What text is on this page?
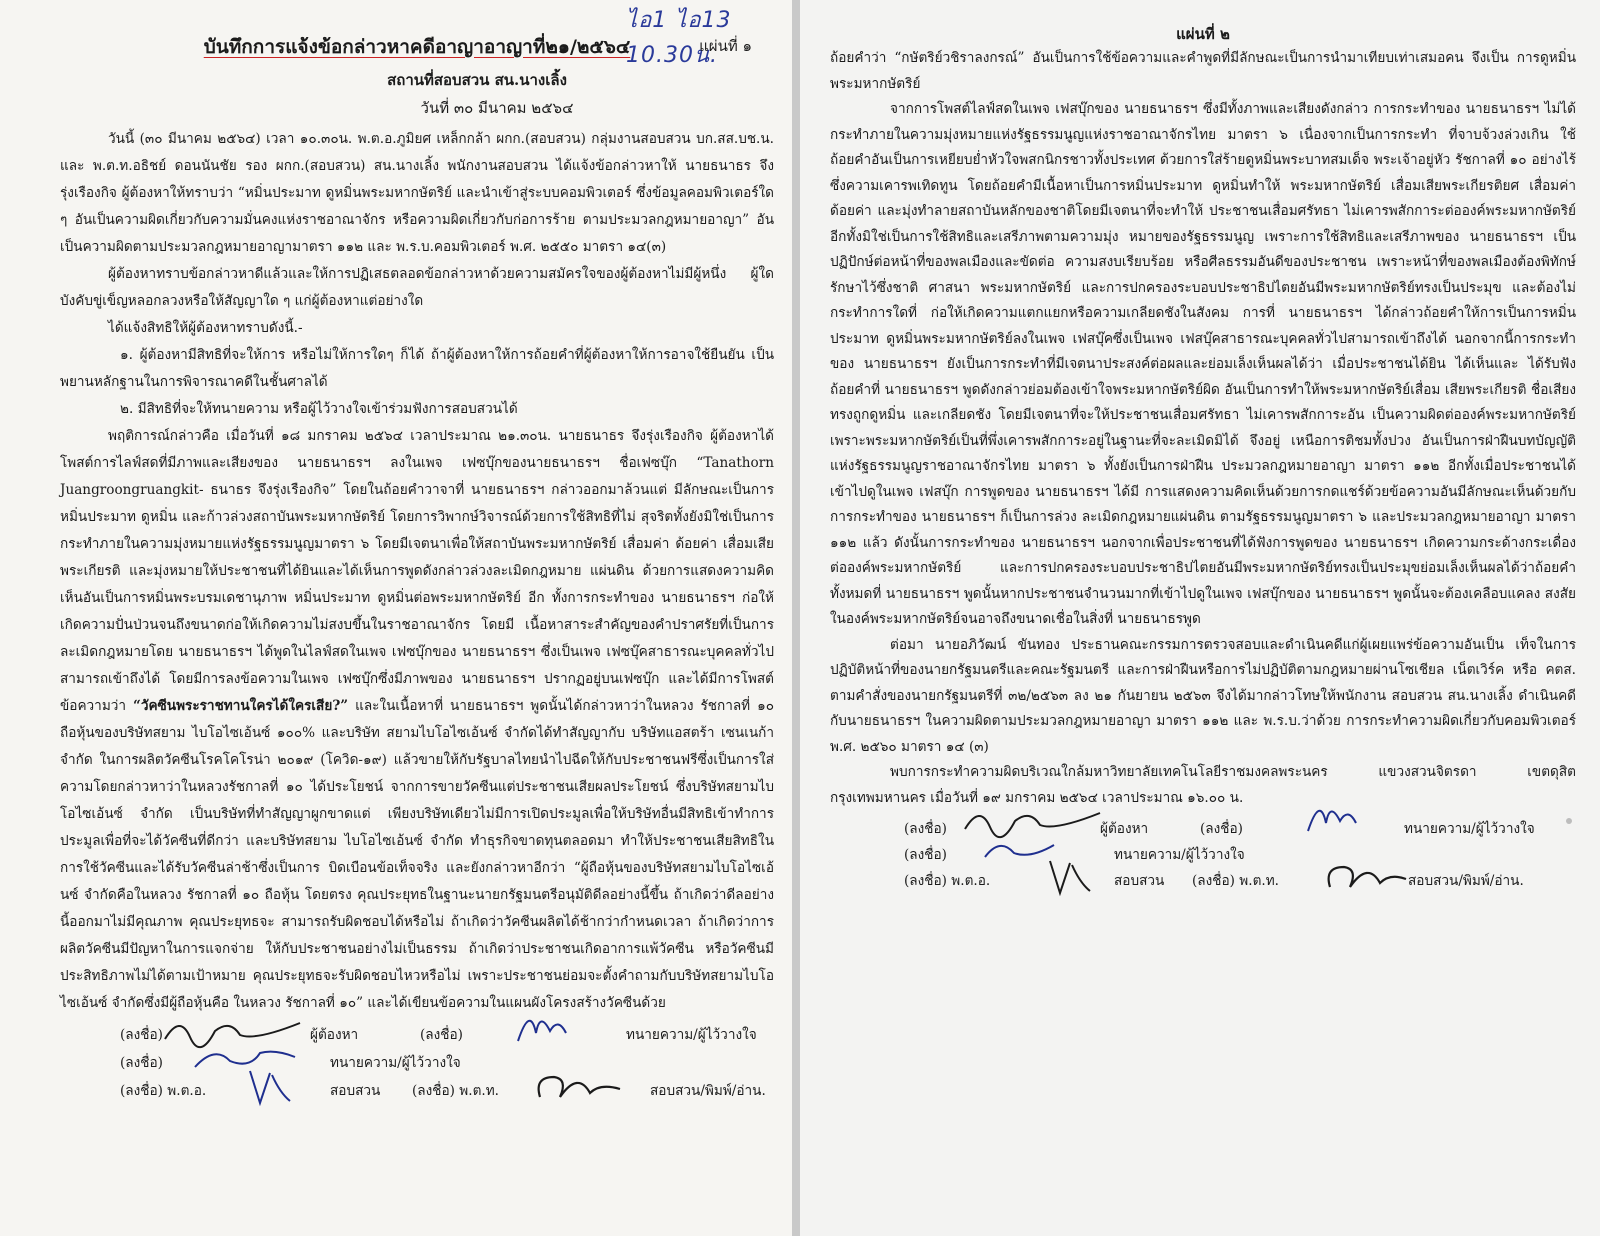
ไอ1 ไอ13 10.30น.
บันทึกการแจ้งข้อกล่าวหาคดีอาญาอาญาที่๒๑/๒๕๖๔	แผ่นที่ ๑
สถานที่สอบสวน สน.นางเลิ้ง
วันที่ ๓๐ มีนาคม ๒๕๖๔

วันนี้ (๓๐ มีนาคม ๒๕๖๔) เวลา ๑๐.๓๐น. พ.ต.อ.ภูมิยศ เหล็กกล้า ผกก.(สอบสวน) กลุ่มงานสอบสวน บก.สส.บช.น. และ พ.ต.ท.อธิชย์ ดอนนันชัย รอง ผกก.(สอบสวน) สน.นางเลิ้ง พนักงานสอบสวน ได้แจ้งข้อกล่าวหาให้ นายธนาธร จึงรุ่งเรืองกิจ ผู้ต้องหาให้ทราบว่า “หมิ่นประมาท ดูหมิ่นพระมหากษัตริย์ และนำเข้าสู่ระบบคอมพิวเตอร์ ซึ่งข้อมูลคอมพิวเตอร์ใด ๆ อันเป็นความผิดเกี่ยวกับความมั่นคงแห่งราชอาณาจักร หรือความผิดเกี่ยวกับก่อการร้าย ตามประมวลกฎหมายอาญา” อันเป็นความผิดตามประมวลกฎหมายอาญามาตรา ๑๑๒ และ พ.ร.บ.คอมพิวเตอร์ พ.ศ. ๒๕๕๐ มาตรา ๑๔(๓)

ผู้ต้องหาทราบข้อกล่าวหาดีแล้วและให้การปฏิเสธตลอดข้อกล่าวหาด้วยความสมัครใจของผู้ต้องหาไม่มีผู้หนึ่ง ผู้ใดบังคับขู่เข็ญหลอกลวงหรือให้สัญญาใด ๆ แก่ผู้ต้องหาแต่อย่างใด

ได้แจ้งสิทธิให้ผู้ต้องหาทราบดังนี้.-

๑. ผู้ต้องหามีสิทธิที่จะให้การ หรือไม่ให้การใดๆ ก็ได้ ถ้าผู้ต้องหาให้การถ้อยคำที่ผู้ต้องหาให้การอาจใช้ยืนยัน เป็นพยานหลักฐานในการพิจารณาคดีในชั้นศาลได้

๒. มีสิทธิที่จะให้ทนายความ หรือผู้ไว้วางใจเข้าร่วมฟังการสอบสวนได้

พฤติการณ์กล่าวคือ เมื่อวันที่ ๑๘ มกราคม ๒๕๖๔ เวลาประมาณ ๒๑.๓๐น. นายธนาธร จึงรุ่งเรืองกิจ ผู้ต้องหาได้โพสต์การไลฟ์สดที่มีภาพและเสียงของ นายธนาธรฯ ลงในเพจ เฟซบุ๊กของนายธนาธรฯ ชื่อเฟซบุ๊ก “Tanathorn Juangroongruangkit- ธนาธร จึงรุ่งเรืองกิจ” โดยในถ้อยคำวาจาที่ นายธนาธรฯ กล่าวออกมาล้วนแต่ มีลักษณะเป็นการหมิ่นประมาท ดูหมิ่น และก้าวล่วงสถาบันพระมหากษัตริย์ โดยการวิพากษ์วิจารณ์ด้วยการใช้สิทธิที่ไม่ สุจริตทั้งยังมิใช่เป็นการกระทำภายในความมุ่งหมายแห่งรัฐธรรมนูญมาตรา ๖ โดยมีเจตนาเพื่อให้สถาบันพระมหากษัตริย์ เสื่อมค่า ด้อยค่า เสื่อมเสียพระเกียรติ และมุ่งหมายให้ประชาชนที่ได้ยินและได้เห็นการพูดดังกล่าวล่วงละเมิดกฎหมาย แผ่นดิน ด้วยการแสดงความคิดเห็นอันเป็นการหมิ่นพระบรมเดชานุภาพ หมิ่นประมาท ดูหมิ่นต่อพระมหากษัตริย์ อีก ทั้งการกระทำของ นายธนาธรฯ ก่อให้เกิดความปั่นป่วนจนถึงขนาดก่อให้เกิดความไม่สงบขึ้นในราชอาณาจักร โดยมี เนื้อหาสาระสำคัญของคำปราศรัยที่เป็นการละเมิดกฎหมายโดย นายธนาธรฯ ได้พูดในไลฟ์สดในเพจ เฟซบุ๊กของ นายธนาธรฯ ซึ่งเป็นเพจ เฟซบุ๊คสาธารณะบุคคลทั่วไปสามารถเข้าถึงได้ โดยมีการลงข้อความในเพจ เฟซบุ๊กซึ่งมีภาพของ นายธนาธรฯ ปรากฏอยู่บนเฟซบุ๊ก และได้มีการโพสต์ข้อความว่า “วัคซีนพระราชทานใครได้ใครเสีย?” และในเนื้อหาที่ นายธนาธรฯ พูดนั้นได้กล่าวหาว่าในหลวง รัชกาลที่ ๑๐ ถือหุ้นของบริษัทสยาม ไบโอไซเอ้นซ์ ๑๐๐% และบริษัท สยามไบโอไซเอ้นซ์ จำกัดได้ทำสัญญากับ บริษัทแอสตร้า เซนเนก้า จำกัด ในการผลิตวัคซีนโรคโคโรน่า ๒๐๑๙ (โควิด-๑๙) แล้วขายให้กับรัฐบาลไทยนำไปฉีดให้กับประชาชนฟรีซึ่งเป็นการใส่ความโดยกล่าวหาว่าในหลวงรัชกาลที่ ๑๐ ได้ประโยชน์ จากการขายวัคซีนแต่ประชาชนเสียผลประโยชน์ ซึ่งบริษัทสยามไบโอไซเอ้นซ์ จำกัด เป็นบริษัทที่ทำสัญญาผูกขาดแต่ เพียงบริษัทเดียวไม่มีการเปิดประมูลเพื่อให้บริษัทอื่นมีสิทธิเข้าทำการประมูลเพื่อที่จะได้วัคซีนที่ดีกว่า และบริษัทสยาม ไบโอไซเอ้นซ์ จำกัด ทำธุรกิจขาดทุนตลอดมา ทำให้ประชาชนเสียสิทธิในการใช้วัคซีนและได้รับวัคซีนล่าช้าซึ่งเป็นการ บิดเบือนข้อเท็จจริง และยังกล่าวหาอีกว่า “ผู้ถือหุ้นของบริษัทสยามไบโอไซเอ้นซ์ จำกัดคือในหลวง รัชกาลที่ ๑๐ ถือหุ้น โดยตรง คุณประยุทธในฐานะนายกรัฐมนตรีอนุมัติดีลอย่างนี้ขึ้น ถ้าเกิดว่าดีลอย่างนี้ออกมาไม่มีคุณภาพ คุณประยุทธจะ สามารถรับผิดชอบได้หรือไม่ ถ้าเกิดว่าวัคซีนผลิตได้ช้ากว่ากำหนดเวลา ถ้าเกิดว่าการผลิตวัคซีนมีปัญหาในการแจกจ่าย ให้กับประชาชนอย่างไม่เป็นธรรม ถ้าเกิดว่าประชาชนเกิดอาการแพ้วัคซีน หรือวัคซีนมีประสิทธิภาพไม่ได้ตามเป้าหมาย คุณประยุทธจะรับผิดชอบไหวหรือไม่ เพราะประชาชนย่อมจะตั้งคำถามกับบริษัทสยามไบโอไซเอ้นซ์ จำกัดซึ่งมีผู้ถือหุ้นคือ ในหลวง รัชกาลที่ ๑๐” และได้เขียนข้อความในแผนผังโครงสร้างวัคซีนด้วย

(ลงชื่อ)	ผู้ต้องหา	(ลงชื่อ)	ทนายความ/ผู้ไว้วางใจ
(ลงชื่อ)	ทนายความ/ผู้ไว้วางใจ
(ลงชื่อ) พ.ต.อ.	สอบสวน (ลงชื่อ) พ.ต.ท.	สอบสวน/พิมพ์/อ่าน.
แผ่นที่ ๒

ถ้อยคำว่า “กษัตริย์วชิราลงกรณ์” อันเป็นการใช้ข้อความและคำพูดที่มีลักษณะเป็นการนำมาเทียบเท่าเสมอคน จึงเป็น การดูหมิ่นพระมหากษัตริย์

จากการโพสต์ไลฟ์สดในเพจ เฟสบุ๊กของ นายธนาธรฯ ซึ่งมีทั้งภาพและเสียงดังกล่าว การกระทำของ นายธนาธรฯ ไม่ได้กระทำภายในความมุ่งหมายแห่งรัฐธรรมนูญแห่งราชอาณาจักรไทย มาตรา ๖ เนื่องจากเป็นการกระทำ ที่จาบจ้วงล่วงเกิน ใช้ถ้อยคำอันเป็นการเหยียบย่ำหัวใจพสกนิกรชาวทั้งประเทศ ด้วยการใส่ร้ายดูหมิ่นพระบาทสมเด็จ พระเจ้าอยู่หัว รัชกาลที่ ๑๐ อย่างไร้ซึ่งความเคารพเทิดทูน โดยถ้อยคำมีเนื้อหาเป็นการหมิ่นประมาท ดูหมิ่นทำให้ พระมหากษัตริย์ เสื่อมเสียพระเกียรติยศ เสื่อมค่า ด้อยค่า และมุ่งทำลายสถาบันหลักของชาติโดยมีเจตนาที่จะทำให้ ประชาชนเสื่อมศรัทธา ไม่เคารพสักการะต่อองค์พระมหากษัตริย์ อีกทั้งมิใช่เป็นการใช้สิทธิและเสรีภาพตามความมุ่ง หมายของรัฐธรรมนูญ เพราะการใช้สิทธิและเสรีภาพของ นายธนาธรฯ เป็นปฏิปักษ์ต่อหน้าที่ของพลเมืองและขัดต่อ ความสงบเรียบร้อย หรือศีลธรรมอันดีของประชาชน เพราะหน้าที่ของพลเมืองต้องพิทักษ์รักษาไว้ซึ่งชาติ ศาสนา พระมหากษัตริย์ และการปกครองระบอบประชาธิปไตยอันมีพระมหากษัตริย์ทรงเป็นประมุข และต้องไม่กระทำการใดที่ ก่อให้เกิดความแตกแยกหรือความเกลียดชังในสังคม การที่ นายธนาธรฯ ได้กล่าวถ้อยคำให้การเป็นการหมิ่นประมาท ดูหมิ่นพระมหากษัตริย์ลงในเพจ เฟสบุ๊คซึ่งเป็นเพจ เฟสบุ๊คสาธารณะบุคคลทั่วไปสามารถเข้าถึงได้ นอกจากนี้การกระทำ ของ นายธนาธรฯ ยังเป็นการกระทำที่มีเจตนาประสงค์ต่อผลและย่อมเล็งเห็นผลได้ว่า เมื่อประชาชนได้ยิน ได้เห็นและ ได้รับฟังถ้อยคำที่ นายธนาธรฯ พูดดังกล่าวย่อมต้องเข้าใจพระมหากษัตริย์ผิด อันเป็นการทำให้พระมหากษัตริย์เสื่อม เสียพระเกียรติ ชื่อเสียง ทรงถูกดูหมิ่น และเกลียดชัง โดยมีเจตนาที่จะให้ประชาชนเสื่อมศรัทธา ไม่เคารพสักการะอัน เป็นความผิดต่อองค์พระมหากษัตริย์ เพราะพระมหากษัตริย์เป็นที่พึ่งเคารพสักการะอยู่ในฐานะที่จะละเมิดมิได้ จึงอยู่ เหนือการติชมทั้งปวง อันเป็นการฝ่าฝืนบทบัญญัติแห่งรัฐธรรมนูญราชอาณาจักรไทย มาตรา ๖ ทั้งยังเป็นการฝ่าฝืน ประมวลกฎหมายอาญา มาตรา ๑๑๒ อีกทั้งเมื่อประชาชนได้เข้าไปดูในเพจ เฟสบุ๊ก การพูดของ นายธนาธรฯ ได้มี การแสดงความคิดเห็นด้วยการกดแชร์ด้วยข้อความอันมีลักษณะเห็นด้วยกับการกระทำของ นายธนาธรฯ ก็เป็นการล่วง ละเมิดกฎหมายแผ่นดิน ตามรัฐธรรมนูญมาตรา ๖ และประมวลกฎหมายอาญา มาตรา ๑๑๒ แล้ว ดังนั้นการกระทำของ นายธนาธรฯ นอกจากเพื่อประชาชนที่ได้ฟังการพูดของ นายธนาธรฯ เกิดความกระด้างกระเดื่องต่อองค์พระมหากษัตริย์ และการปกครองระบอบประชาธิปไตยอันมีพระมหากษัตริย์ทรงเป็นประมุขย่อมเล็งเห็นผลได้ว่าถ้อยคำทั้งหมดที่ นายธนาธรฯ พูดนั้นหากประชาชนจำนวนมากที่เข้าไปดูในเพจ เฟสบุ๊กของ นายธนาธรฯ พูดนั้นจะต้องเคลือบแคลง สงสัยในองค์พระมหากษัตริย์จนอาจถึงขนาดเชื่อในสิ่งที่ นายธนาธรพูด

ต่อมา นายอภิวัฒน์ ขันทอง ประธานคณะกรรมการตรวจสอบและดำเนินคดีแก่ผู้เผยแพร่ข้อความอันเป็น เท็จในการปฏิบัติหน้าที่ของนายกรัฐมนตรีและคณะรัฐมนตรี และการฝ่าฝืนหรือการไม่ปฏิบัติตามกฎหมายผ่านโซเชียล เน็ตเวิร์ค หรือ คตส. ตามคำสั่งของนายกรัฐมนตรีที่ ๓๒/๒๕๖๓ ลง ๒๑ กันยายน ๒๕๖๓ จึงได้มากล่าวโทษให้พนักงาน สอบสวน สน.นางเลิ้ง ดำเนินคดีกับนายธนาธรฯ ในความผิดตามประมวลกฎหมายอาญา มาตรา ๑๑๒ และ พ.ร.บ.ว่าด้วย การกระทำความผิดเกี่ยวกับคอมพิวเตอร์ พ.ศ. ๒๕๖๐ มาตรา ๑๔ (๓)

พบการกระทำความผิดบริเวณใกล้มหาวิทยาลัยเทคโนโลยีราชมงคลพระนคร แขวงสวนจิตรดา เขตดุสิต กรุงเทพมหานคร เมื่อวันที่ ๑๙ มกราคม ๒๕๖๔ เวลาประมาณ ๑๖.๐๐ น.

(ลงชื่อ)	ผู้ต้องหา	(ลงชื่อ)	ทนายความ/ผู้ไว้วางใจ
(ลงชื่อ)	ทนายความ/ผู้ไว้วางใจ
(ลงชื่อ) พ.ต.อ.	สอบสวน (ลงชื่อ) พ.ต.ท.	สอบสวน/พิมพ์/อ่าน.
